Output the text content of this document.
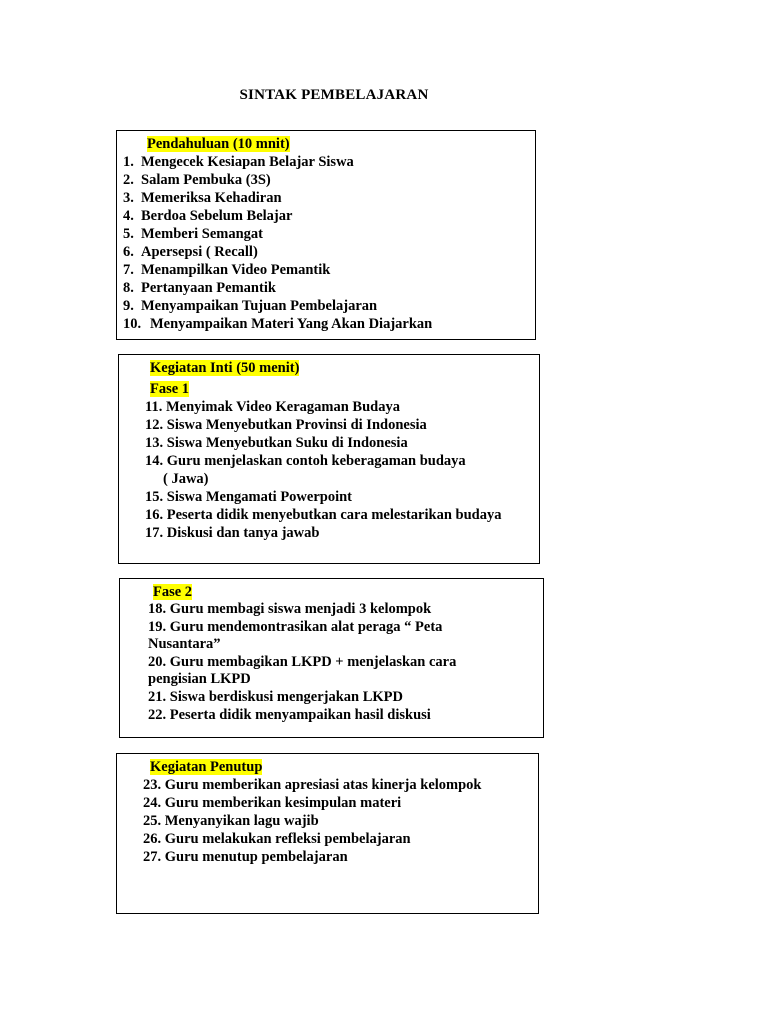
SINTAK PEMBELAJARAN
Pendahuluan (10 mnit)
1. Mengecek Kesiapan Belajar Siswa
2. Salam Pembuka (3S)
3. Memeriksa Kehadiran
4. Berdoa Sebelum Belajar
5. Memberi Semangat
6. Apersepsi ( Recall)
7. Menampilkan Video Pemantik
8. Pertanyaan Pemantik
9. Menyampaikan Tujuan Pembelajaran
10. Menyampaikan Materi Yang Akan Diajarkan
Kegiatan Inti (50 menit)
Fase 1
11. Menyimak Video Keragaman Budaya
12. Siswa Menyebutkan Provinsi di Indonesia
13. Siswa Menyebutkan Suku di Indonesia
14. Guru menjelaskan contoh keberagaman budaya
( Jawa)
15. Siswa Mengamati Powerpoint
16. Peserta didik menyebutkan cara melestarikan budaya
17. Diskusi dan tanya jawab
Fase 2
18. Guru membagi siswa menjadi 3 kelompok
19. Guru mendemontrasikan alat peraga “ Peta
Nusantara”
20. Guru membagikan LKPD + menjelaskan cara
pengisian LKPD
21. Siswa berdiskusi mengerjakan LKPD
22. Peserta didik menyampaikan hasil diskusi
Kegiatan Penutup
23. Guru memberikan apresiasi atas kinerja kelompok
24. Guru memberikan kesimpulan materi
25. Menyanyikan lagu wajib
26. Guru melakukan refleksi pembelajaran
27. Guru menutup pembelajaran
